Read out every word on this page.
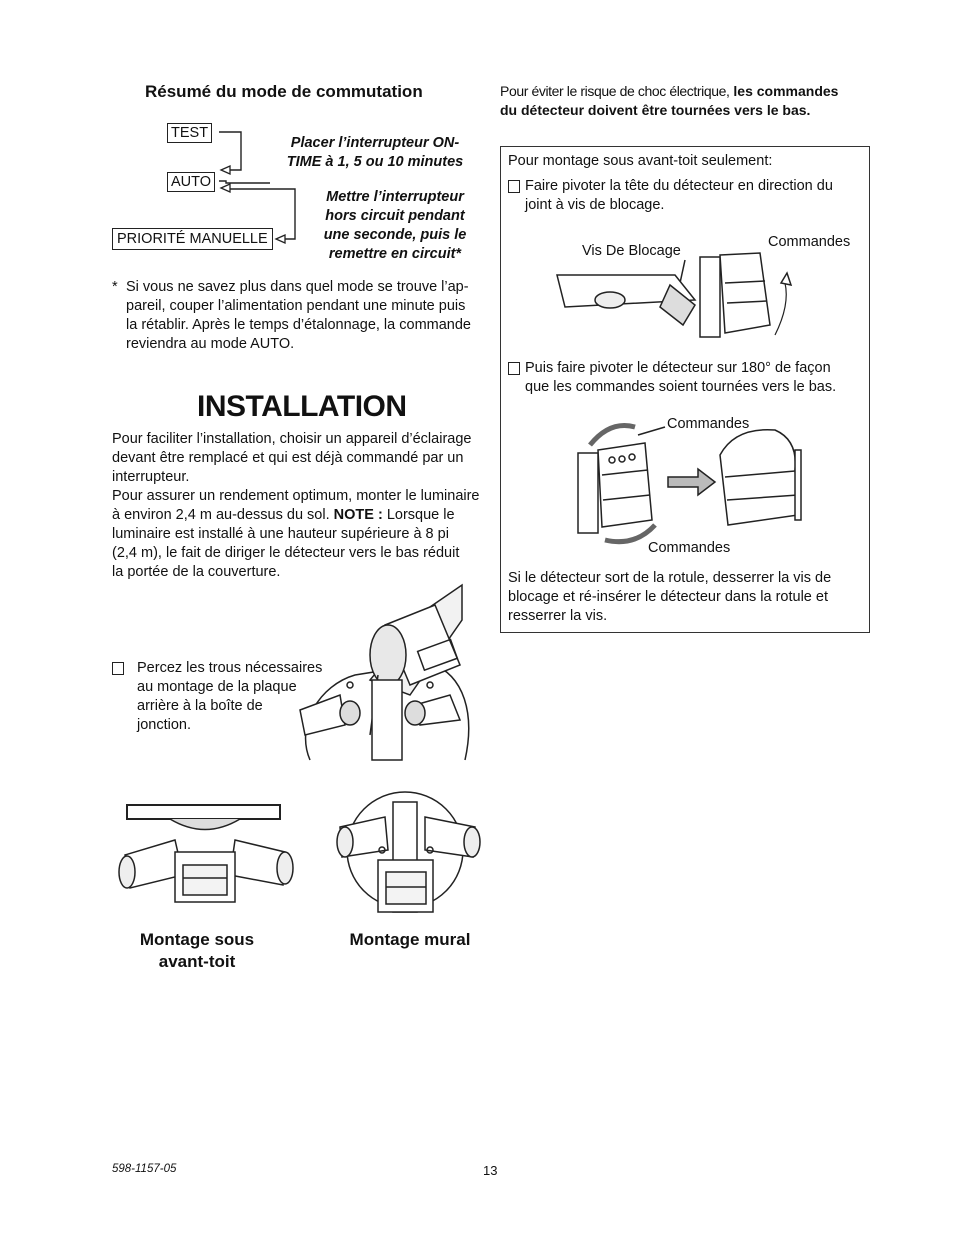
Résumé du mode de commutation
TEST
AUTO
PRIORITÉ MANUELLE
Placer l’interrupteur ON-
TIME à 1, 5 ou 10 minutes
Mettre l’interrupteur
hors circuit pendant
une seconde, puis le
remettre en circuit*
* Si vous ne savez plus dans quel mode se trouve l’ap-
pareil, couper l’alimentation pendant une minute puis
la rétablir. Après le temps d’étalonnage, la commande
reviendra au mode AUTO.
INSTALLATION
Pour faciliter l’installation, choisir un appareil d’éclairage
devant être remplacé et qui est déjà commandé par un
interrupteur.
Pour assurer un rendement optimum, monter le luminaire
à environ 2,4 m au-dessus du sol. NOTE : Lorsque le
luminaire est installé à une hauteur supérieure à 8 pi
(2,4 m), le fait de diriger le détecteur vers le bas réduit
la portée de la couverture.
Percez les trous nécessaires
au montage de la plaque
arrière à la boîte de
jonction.
Montage sous
avant-toit
Montage mural
Pour éviter le risque de choc électrique, les commandes
du détecteur doivent être tournées vers le bas.
Pour montage sous avant-toit seulement:
Faire pivoter la tête du détecteur en direction du
joint à vis de blocage.
Vis De Blocage
Commandes
Puis faire pivoter le détecteur sur 180° de façon
que les commandes soient tournées vers le bas.
Commandes
Commandes
Si le détecteur sort de la rotule, desserrer la vis de
blocage et ré-insérer le détecteur dans la rotule et
resserrer la vis.
598-1157-05	13
